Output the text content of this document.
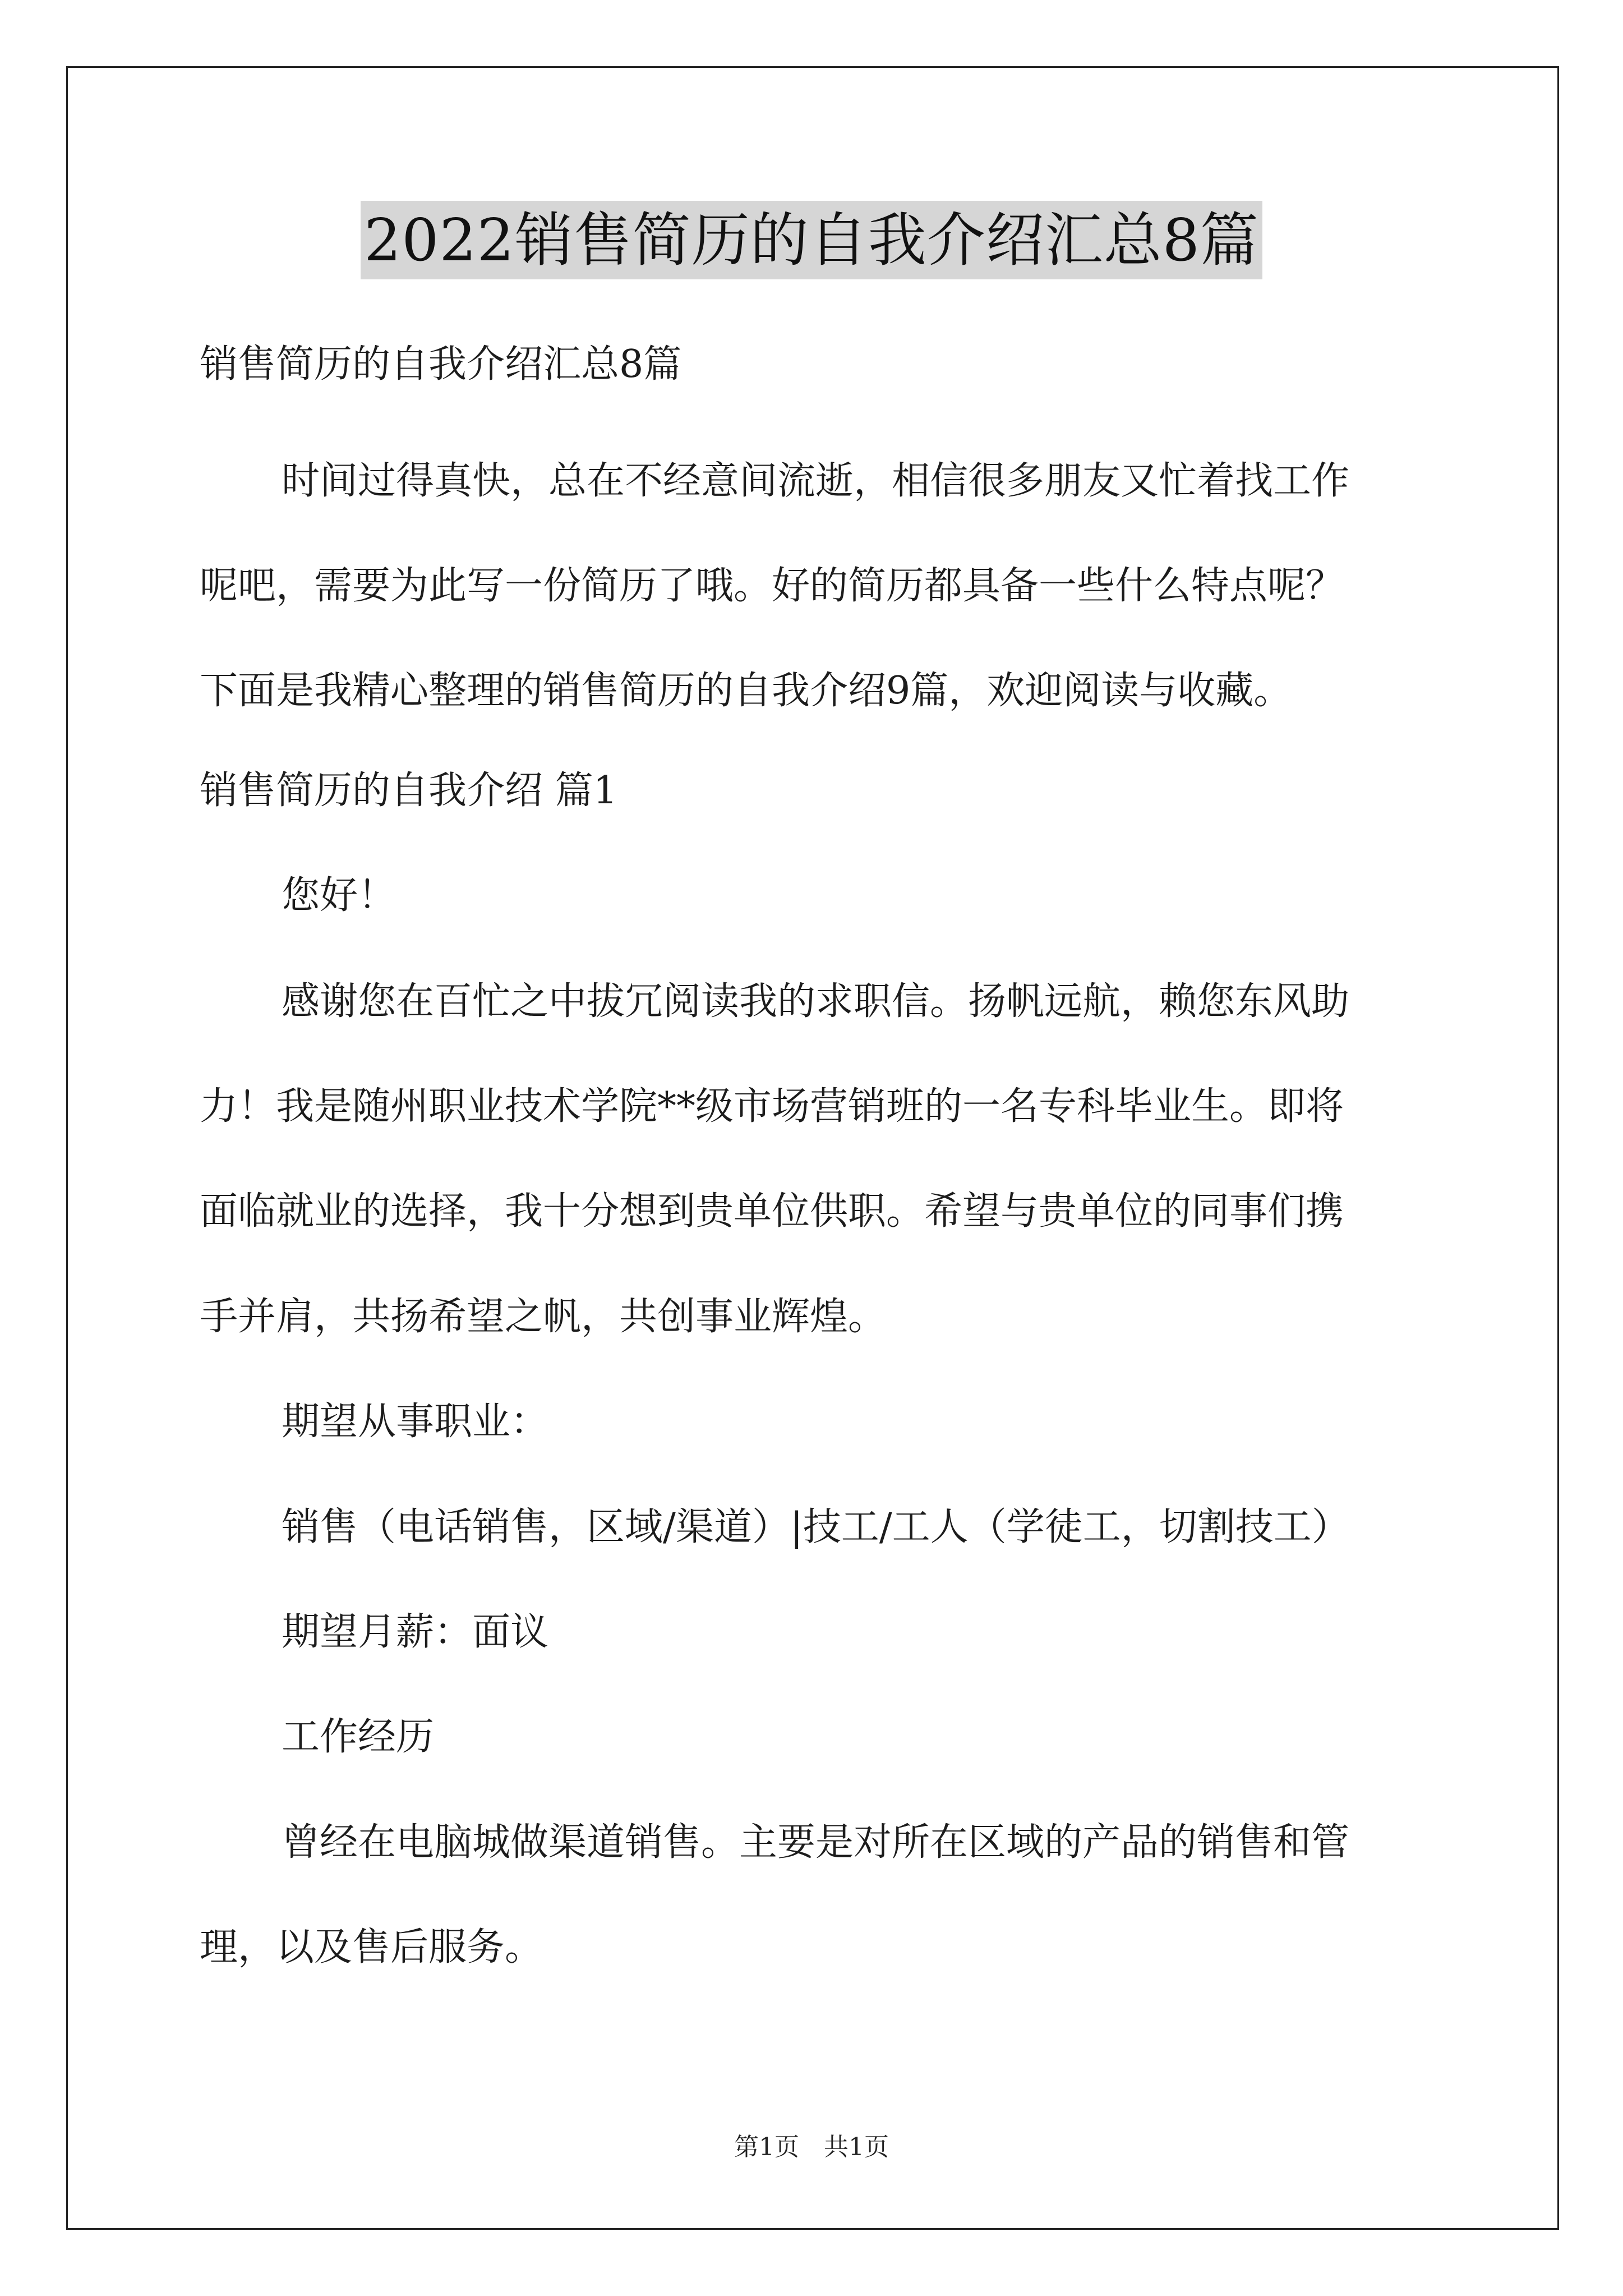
2022销售简历的自我介绍汇总8篇
销售简历的自我介绍汇总8篇
时间过得真快，总在不经意间流逝，相信很多朋友又忙着找工作
呢吧，需要为此写一份简历了哦。好的简历都具备一些什么特点呢？
下面是我精心整理的销售简历的自我介绍9篇，欢迎阅读与收藏。
销售简历的自我介绍 篇1
您好！
感谢您在百忙之中拔冗阅读我的求职信。扬帆远航，赖您东风助
力！我是随州职业技术学院**级市场营销班的一名专科毕业生。即将
面临就业的选择，我十分想到贵单位供职。希望与贵单位的同事们携
手并肩，共扬希望之帆，共创事业辉煌。
期望从事职业：
销售（电话销售，区域/渠道）|技工/工人（学徒工，切割技工）
期望月薪：面议
工作经历
曾经在电脑城做渠道销售。主要是对所在区域的产品的销售和管
理，以及售后服务。
第1页　共1页
